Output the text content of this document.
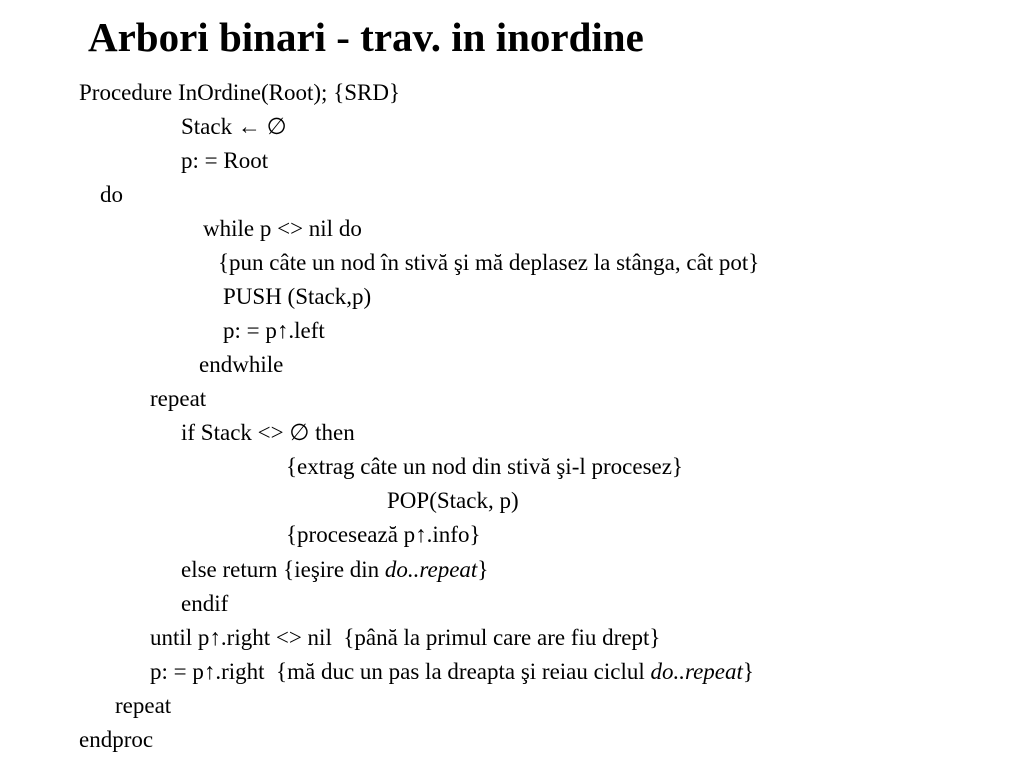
Arbori binari - trav. in inordine
Procedure InOrdine(Root); {SRD}
Stack ← ∅
p: = Root
do
while p <> nil do
{pun câte un nod în stivă şi mă deplasez la stânga, cât pot}
PUSH (Stack,p)
p: = p↑.left
endwhile
repeat
if Stack <> ∅ then
{extrag câte un nod din stivă şi-l procesez}
POP(Stack, p)
{procesează p↑.info}
else return {ieşire din do..repeat}
endif
until p↑.right <> nil  {până la primul care are fiu drept}
p: = p↑.right  {mă duc un pas la dreapta şi reiau ciclul do..repeat}
repeat
endproc
